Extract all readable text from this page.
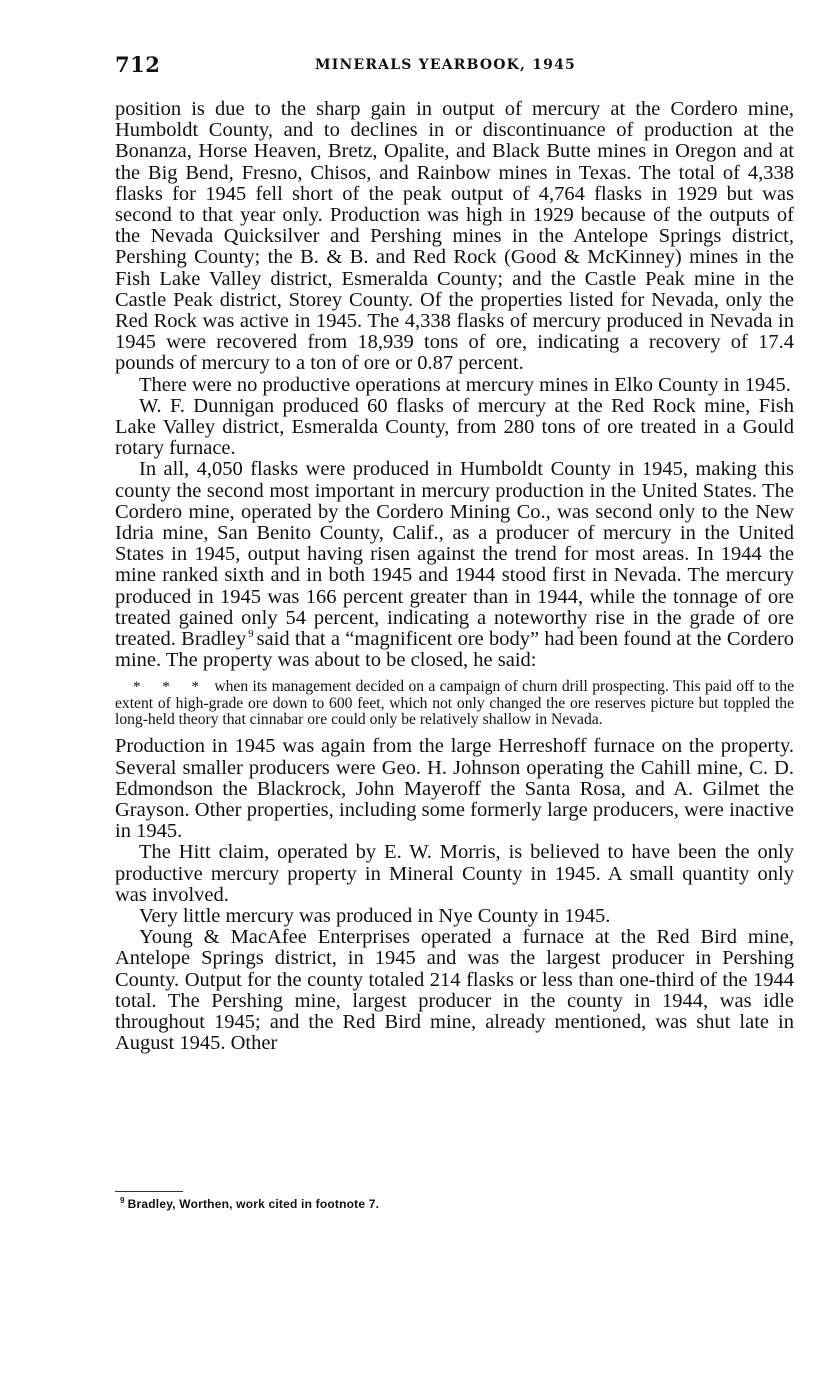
712	MINERALS YEARBOOK, 1945

position is due to the sharp gain in output of mercury at the Cordero mine, Humboldt County, and to declines in or discontinuance of production at the Bonanza, Horse Heaven, Bretz, Opalite, and Black Butte mines in Oregon and at the Big Bend, Fresno, Chisos, and Rainbow mines in Texas. The total of 4,338 flasks for 1945 fell short of the peak output of 4,764 flasks in 1929 but was second to that year only. Production was high in 1929 because of the outputs of the Nevada Quicksilver and Pershing mines in the Antelope Springs district, Pershing County; the B. & B. and Red Rock (Good & McKinney) mines in the Fish Lake Valley district, Esmeralda County; and the Castle Peak mine in the Castle Peak district, Storey County. Of the properties listed for Nevada, only the Red Rock was active in 1945. The 4,338 flasks of mercury produced in Nevada in 1945 were recovered from 18,939 tons of ore, indicating a recovery of 17.4 pounds of mercury to a ton of ore or 0.87 percent.

There were no productive operations at mercury mines in Elko County in 1945.

W. F. Dunnigan produced 60 flasks of mercury at the Red Rock mine, Fish Lake Valley district, Esmeralda County, from 280 tons of ore treated in a Gould rotary furnace.

In all, 4,050 flasks were produced in Humboldt County in 1945, making this county the second most important in mercury production in the United States. The Cordero mine, operated by the Cordero Mining Co., was second only to the New Idria mine, San Benito County, Calif., as a producer of mercury in the United States in 1945, output having risen against the trend for most areas. In 1944 the mine ranked sixth and in both 1945 and 1944 stood first in Nevada. The mercury produced in 1945 was 166 percent greater than in 1944, while the tonnage of ore treated gained only 54 percent, indicating a noteworthy rise in the grade of ore treated. Bradley $^9$ said that a “magnificent ore body” had been found at the Cordero mine. The property was about to be closed, he said:

* * * when its management decided on a campaign of churn drill prospecting. This paid off to the extent of high-grade ore down to 600 feet, which not only changed the ore reserves picture but toppled the long-held theory that cinnabar ore could only be relatively shallow in Nevada.

Production in 1945 was again from the large Herreshoff furnace on the property. Several smaller producers were Geo. H. Johnson operating the Cahill mine, C. D. Edmondson the Blackrock, John Mayeroff the Santa Rosa, and A. Gilmet the Grayson. Other properties, including some formerly large producers, were inactive in 1945.

The Hitt claim, operated by E. W. Morris, is believed to have been the only productive mercury property in Mineral County in 1945. A small quantity only was involved.

Very little mercury was produced in Nye County in 1945.

Young & MacAfee Enterprises operated a furnace at the Red Bird mine, Antelope Springs district, in 1945 and was the largest producer in Pershing County. Output for the county totaled 214 flasks or less than one-third of the 1944 total. The Pershing mine, largest producer in the county in 1944, was idle throughout 1945; and the Red Bird mine, already mentioned, was shut late in August 1945. Other

$^9$ Bradley, Worthen, work cited in footnote 7.
